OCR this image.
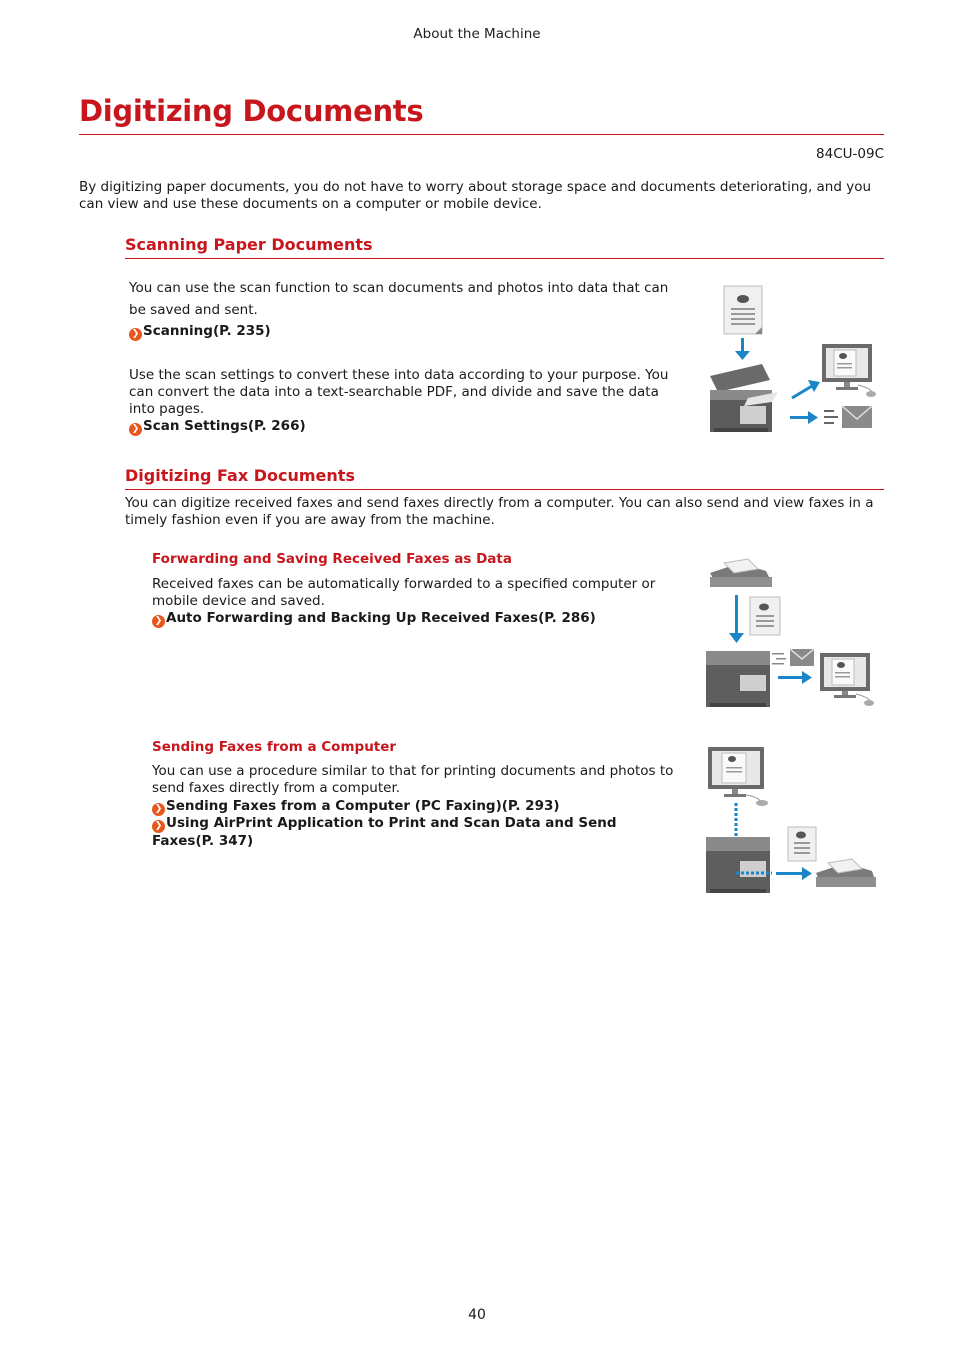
About the Machine
Digitizing Documents
84CU-09C
By digitizing paper documents, you do not have to worry about storage space and documents deteriorating, and you can view and use these documents on a computer or mobile device.
Scanning Paper Documents
You can use the scan function to scan documents and photos into data that can be saved and sent.
❯ Scanning(P. 235)
Use the scan settings to convert these into data according to your purpose. You can convert the data into a text-searchable PDF, and divide and save the data into pages.
❯ Scan Settings(P. 266)
Digitizing Fax Documents
You can digitize received faxes and send faxes directly from a computer. You can also send and view faxes in a timely fashion even if you are away from the machine.
Forwarding and Saving Received Faxes as Data
Received faxes can be automatically forwarded to a specified computer or mobile device and saved.
❯ Auto Forwarding and Backing Up Received Faxes(P. 286)
Sending Faxes from a Computer
You can use a procedure similar to that for printing documents and photos to send faxes directly from a computer.
❯ Sending Faxes from a Computer (PC Faxing)(P. 293)
❯ Using AirPrint Application to Print and Scan Data and Send Faxes(P. 347)
40
